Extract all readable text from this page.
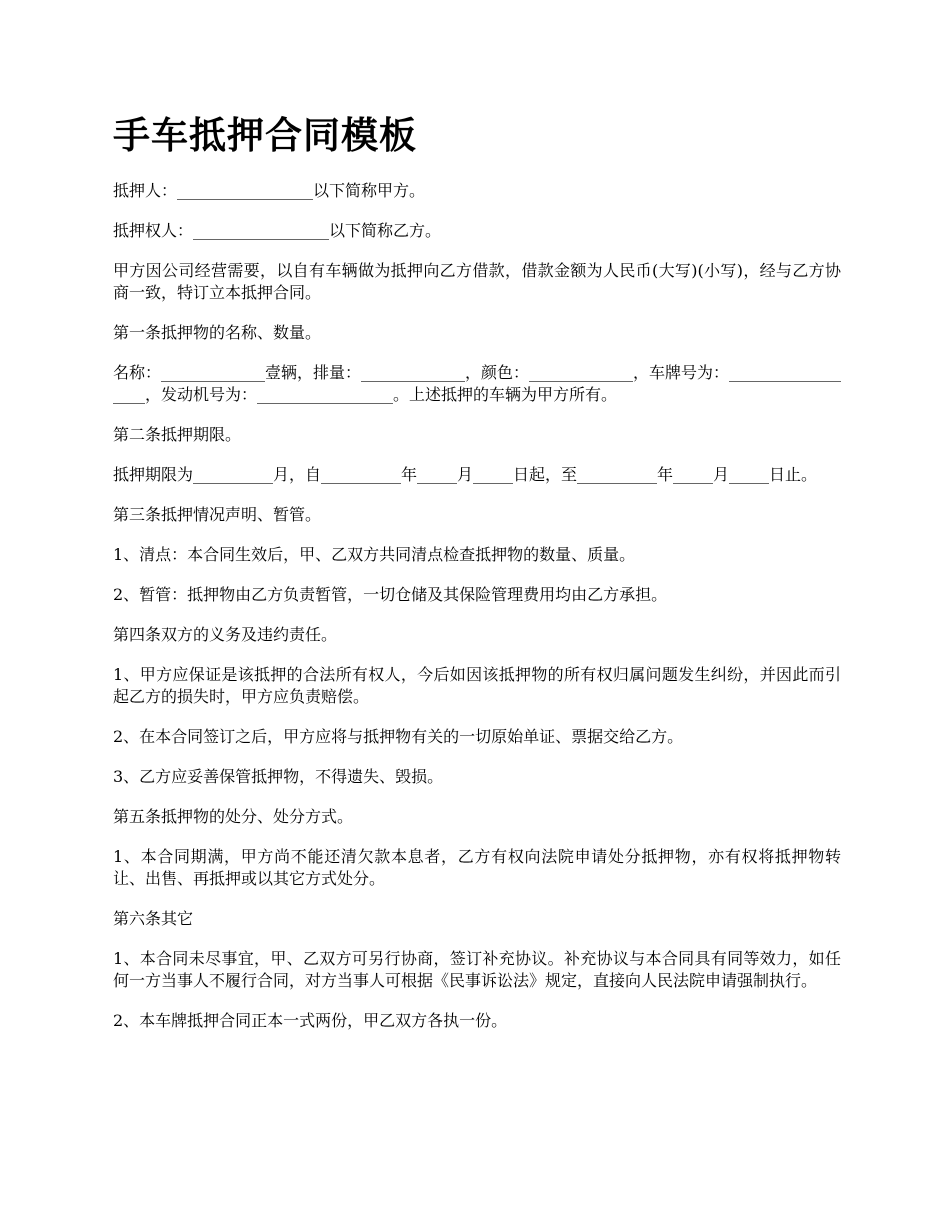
手车抵押合同模板

抵押人：_________________以下简称甲方。

抵押权人：_________________以下简称乙方。

甲方因公司经营需要，以自有车辆做为抵押向乙方借款，借款金额为人民币(大写)(小写)，经与乙方协商一致，特订立本抵押合同。

第一条抵押物的名称、数量。

名称：_____________壹辆，排量：_____________，颜色：_____________，车牌号为：__________________，发动机号为：_________________。上述抵押的车辆为甲方所有。

第二条抵押期限。

抵押期限为__________月，自__________年_____月_____日起，至__________年_____月_____日止。

第三条抵押情况声明、暂管。

1、清点：本合同生效后，甲、乙双方共同清点检查抵押物的数量、质量。

2、暂管：抵押物由乙方负责暂管，一切仓储及其保险管理费用均由乙方承担。

第四条双方的义务及违约责任。

1、甲方应保证是该抵押的合法所有权人，今后如因该抵押物的所有权归属问题发生纠纷，并因此而引起乙方的损失时，甲方应负责赔偿。

2、在本合同签订之后，甲方应将与抵押物有关的一切原始单证、票据交给乙方。

3、乙方应妥善保管抵押物，不得遗失、毁损。

第五条抵押物的处分、处分方式。

1、本合同期满，甲方尚不能还清欠款本息者，乙方有权向法院申请处分抵押物，亦有权将抵押物转让、出售、再抵押或以其它方式处分。

第六条其它

1、本合同未尽事宜，甲、乙双方可另行协商，签订补充协议。补充协议与本合同具有同等效力，如任何一方当事人不履行合同，对方当事人可根据《民事诉讼法》规定，直接向人民法院申请强制执行。

2、本车牌抵押合同正本一式两份，甲乙双方各执一份。
